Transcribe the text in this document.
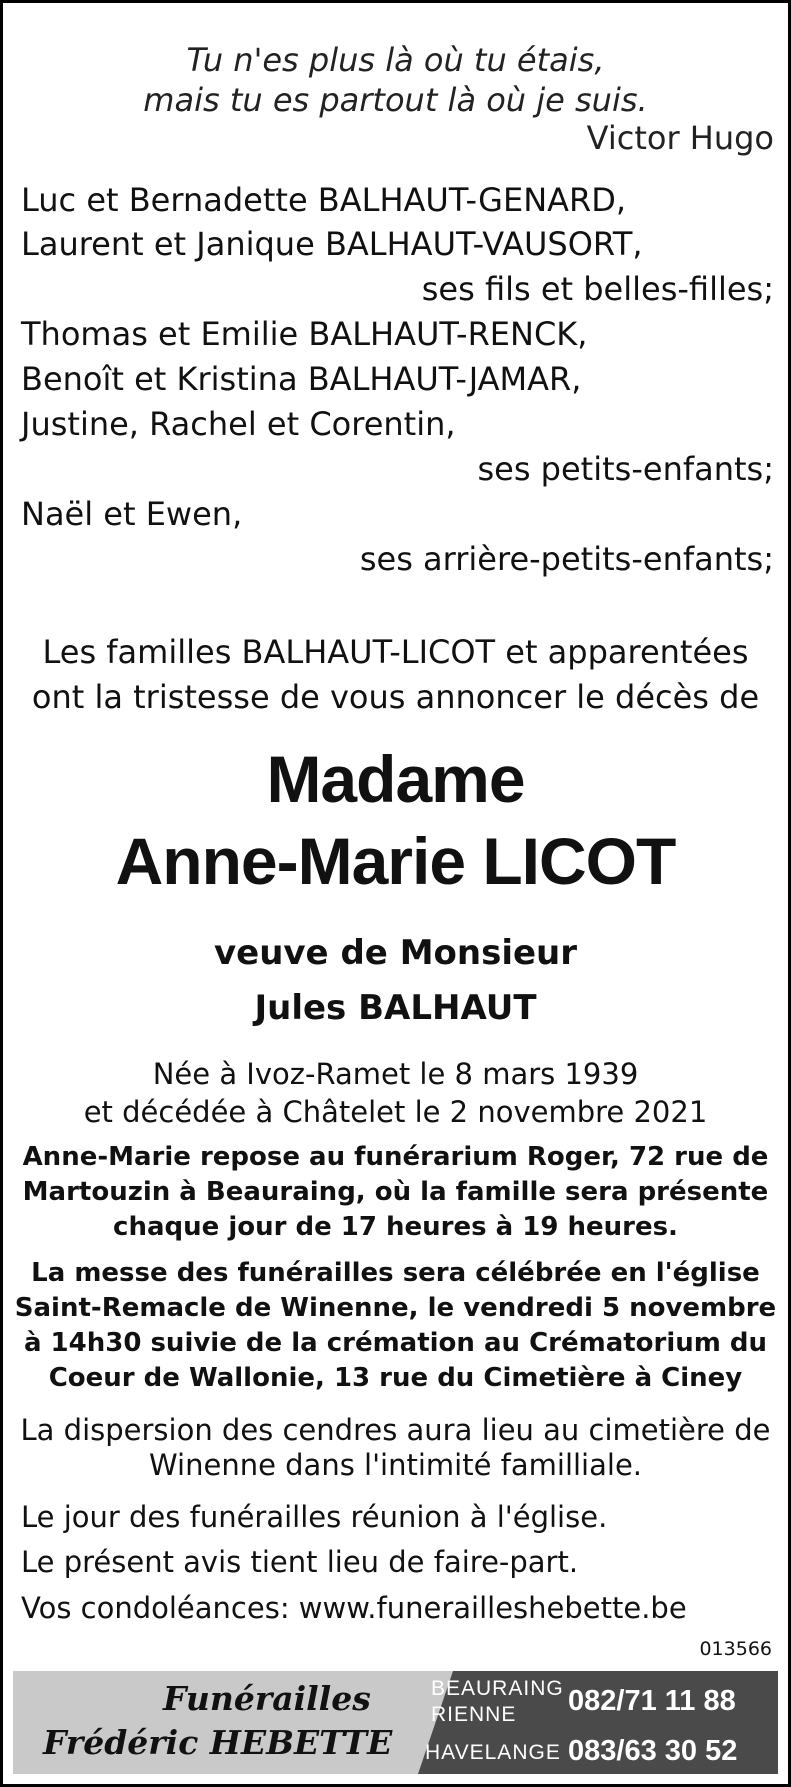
Tu n'es plus là où tu étais,
mais tu es partout là où je suis.
Victor Hugo
Luc et Bernadette BALHAUT-GENARD,
Laurent et Janique BALHAUT-VAUSORT,
ses fils et belles-filles;
Thomas et Emilie BALHAUT-RENCK,
Benoît et Kristina BALHAUT-JAMAR,
Justine, Rachel et Corentin,
ses petits-enfants;
Naël et Ewen,
ses arrière-petits-enfants;
Les familles BALHAUT-LICOT et apparentées
ont la tristesse de vous annoncer le décès de
Madame
Anne-Marie LICOT
veuve de Monsieur
Jules BALHAUT
Née à Ivoz-Ramet le 8 mars 1939
et décédée à Châtelet le 2 novembre 2021
Anne-Marie repose au funérarium Roger, 72 rue de Martouzin à Beauraing, où la famille sera présente chaque jour de 17 heures à 19 heures.
La messe des funérailles sera célébrée en l'église Saint-Remacle de Winenne, le vendredi 5 novembre à 14h30 suivie de la crémation au Crématorium du Coeur de Wallonie, 13 rue du Cimetière à Ciney
La dispersion des cendres aura lieu au cimetière de Winenne dans l'intimité familliale.
Le jour des funérailles réunion à l'église.
Le présent avis tient lieu de faire-part.
Vos condoléances: www.funerailleshebette.be
013566
Funérailles
Frédéric HEBETTE
BEAURAING
RIENNE
HAVELANGE
082/71 11 88
083/63 30 52
